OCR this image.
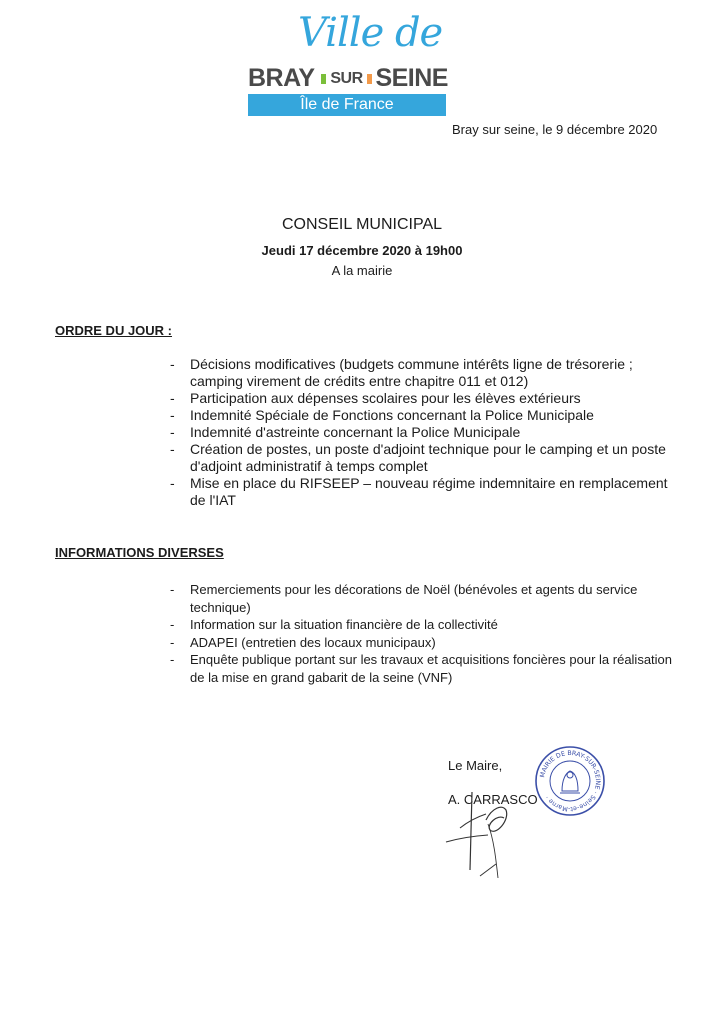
Ville de
BRAY SUR SEINE
Île de France
Bray sur seine, le 9 décembre 2020
CONSEIL MUNICIPAL
Jeudi 17 décembre 2020 à 19h00
A la mairie
ORDRE DU JOUR :
- Décisions modificatives (budgets commune intérêts ligne de trésorerie ; camping virement de crédits entre chapitre 011 et 012)
- Participation aux dépenses scolaires pour les élèves extérieurs
- Indemnité Spéciale de Fonctions concernant la Police Municipale
- Indemnité d'astreinte concernant la Police Municipale
- Création de postes, un poste d'adjoint technique pour le camping et un poste d'adjoint administratif à temps complet
- Mise en place du RIFSEEP – nouveau régime indemnitaire en remplacement de l'IAT
INFORMATIONS DIVERSES
- Remerciements pour les décorations de Noël (bénévoles et agents du service technique)
- Information sur la situation financière de la collectivité
- ADAPEI (entretien des locaux municipaux)
- Enquête publique portant sur les travaux et acquisitions foncières pour la réalisation de la mise en grand gabarit de la seine (VNF)
Le Maire,
A. CARRASCO
MAIRIE DE BRAY-SUR-SEINE · Seine-et-Marne ·
